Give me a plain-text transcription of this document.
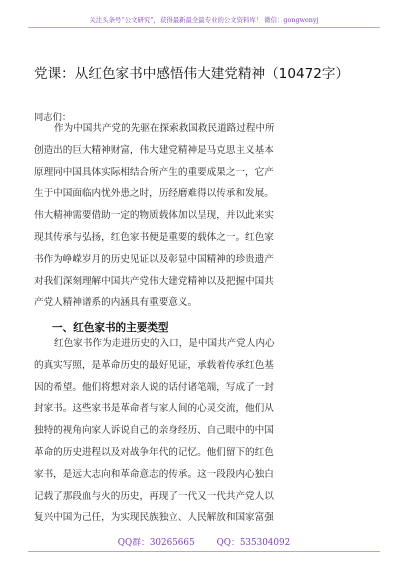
关注头条号“公文研究”，获得最新最全最专业的公文资料库！ 微信：gongwenyj
党课：从红色家书中感悟伟大建党精神（10472字）
同志们：
作为中国共产党的先驱在探索救国救民道路过程中所
创造出的巨大精神财富，伟大建党精神是马克思主义基本
原理同中国具体实际相结合所产生的重要成果之一，它产
生于中国面临内忧外患之时，历经磨难得以传承和发展。
伟大精神需要借助一定的物质载体加以呈现，并以此来实
现其传承与弘扬，红色家书便是重要的载体之一。红色家
书作为峥嵘岁月的历史见证以及彰显中国精神的珍贵遗产
对我们深刻理解中国共产党伟大建党精神以及把握中国共
产党人精神谱系的内涵具有重要意义。
一、红色家书的主要类型
红色家书作为走进历史的入口，是中国共产党人内心
的真实写照，是革命历史的最好见证，承载着传承红色基
因的希望。他们将想对亲人说的话付诸笔端，写成了一封
封家书。这些家书是革命者与家人间的心灵交流，他们从
独特的视角向家人诉说自己的亲身经历、自己眼中的中国
革命的历史进程以及对战争年代的记忆。他们留下的红色
家书，是远大志向和革命意志的传承。这一段段内心独白
记载了那段血与火的历史，再现了一代又一代共产党人以
复兴中国为己任，为实现民族独立、人民解放和国家富强
QQ群：30265665	QQ：535304092
